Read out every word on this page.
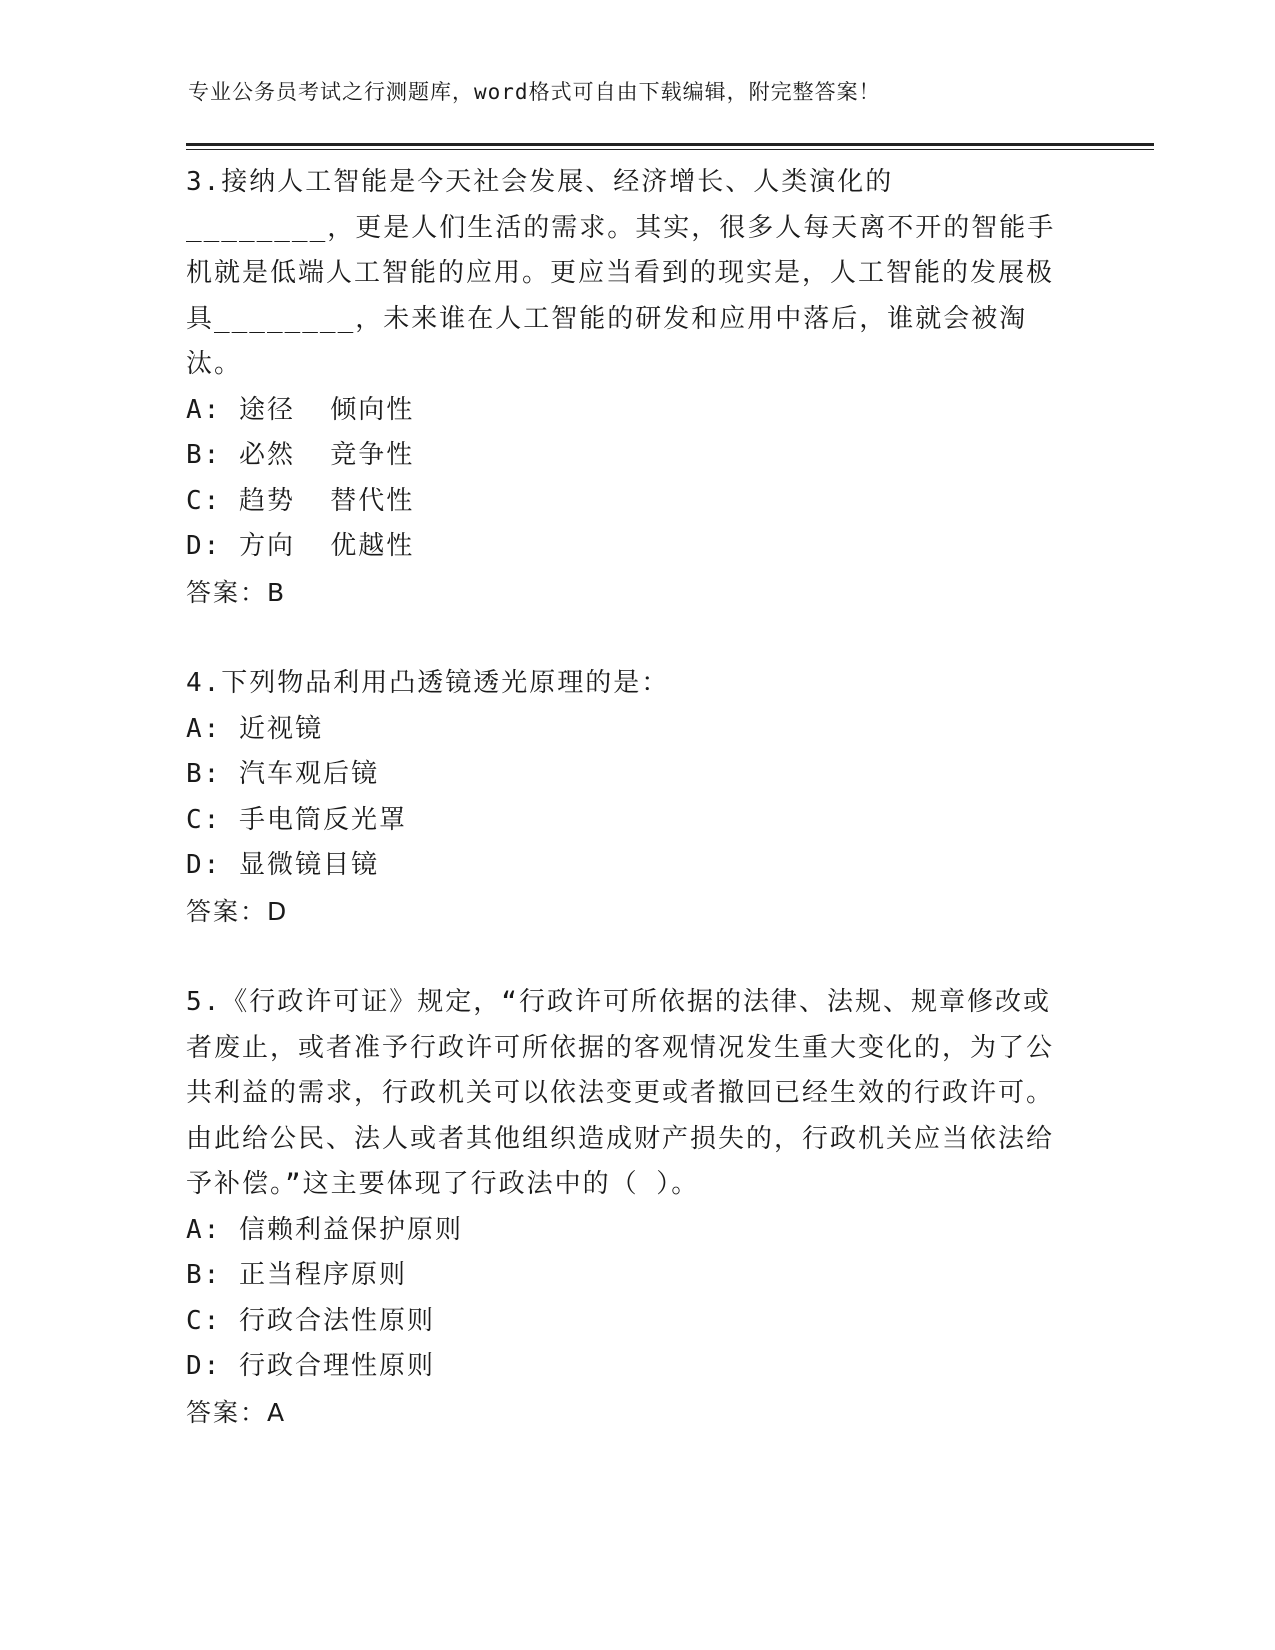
专业公务员考试之行测题库，word格式可自由下载编辑，附完整答案！

3.接纳人工智能是今天社会发展、经济增长、人类演化的________，更是人们生活的需求。其实，很多人每天离不开的智能手机就是低端人工智能的应用。更应当看到的现实是，人工智能的发展极具________，未来谁在人工智能的研发和应用中落后，谁就会被淘汰。

A: 途径  倾向性
B: 必然  竞争性
C: 趋势  替代性
D: 方向  优越性
答案：B

4.下列物品利用凸透镜透光原理的是：

A: 近视镜
B: 汽车观后镜
C: 手电筒反光罩
D: 显微镜目镜
答案：D

5.《行政许可证》规定，“行政许可所依据的法律、法规、规章修改或者废止，或者准予行政许可所依据的客观情况发生重大变化的，为了公共利益的需求，行政机关可以依法变更或者撤回已经生效的行政许可。由此给公民、法人或者其他组织造成财产损失的，行政机关应当依法给予补偿。”这主要体现了行政法中的（ ）。

A: 信赖利益保护原则
B: 正当程序原则
C: 行政合法性原则
D: 行政合理性原则
答案：A
